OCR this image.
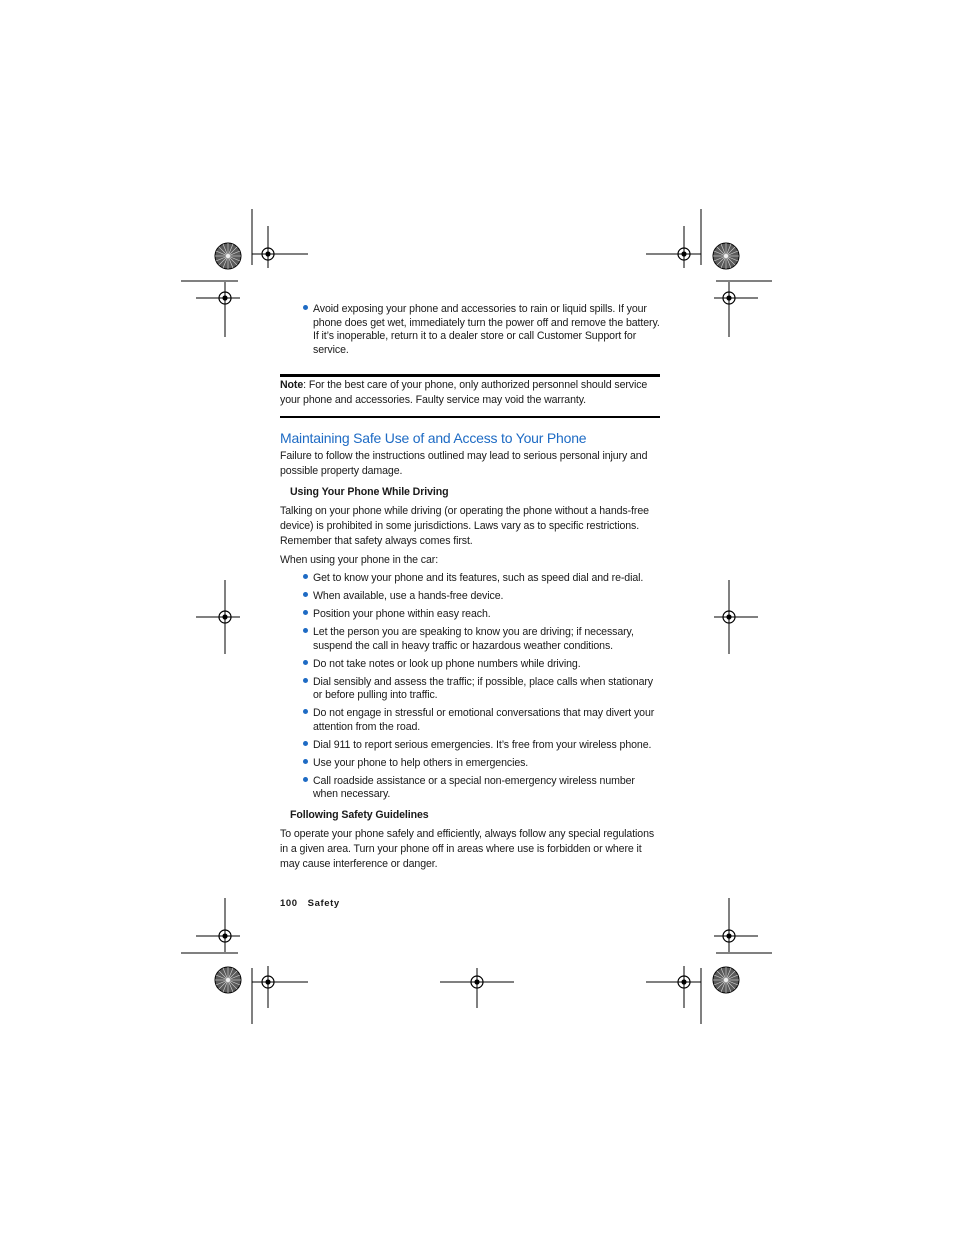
Avoid exposing your phone and accessories to rain or liquid spills. If your phone does get wet, immediately turn the power off and remove the battery. If it’s inoperable, return it to a dealer store or call Customer Support for service.
Note: For the best care of your phone, only authorized personnel should service your phone and accessories. Faulty service may void the warranty.
Maintaining Safe Use of and Access to Your Phone

Failure to follow the instructions outlined may lead to serious personal injury and possible property damage.

Using Your Phone While Driving

Talking on your phone while driving (or operating the phone without a hands-free device) is prohibited in some jurisdictions. Laws vary as to specific restrictions. Remember that safety always comes first.

When using your phone in the car:

Get to know your phone and its features, such as speed dial and re-dial.
When available, use a hands-free device.
Position your phone within easy reach.
Let the person you are speaking to know you are driving; if necessary, suspend the call in heavy traffic or hazardous weather conditions.
Do not take notes or look up phone numbers while driving.
Dial sensibly and assess the traffic; if possible, place calls when stationary or before pulling into traffic.
Do not engage in stressful or emotional conversations that may divert your attention from the road.
Dial 911 to report serious emergencies. It’s free from your wireless phone.
Use your phone to help others in emergencies.
Call roadside assistance or a special non-emergency wireless number when necessary.
Following Safety Guidelines

To operate your phone safely and efficiently, always follow any special regulations in a given area. Turn your phone off in areas where use is forbidden or where it may cause interference or danger.

100 Safety
